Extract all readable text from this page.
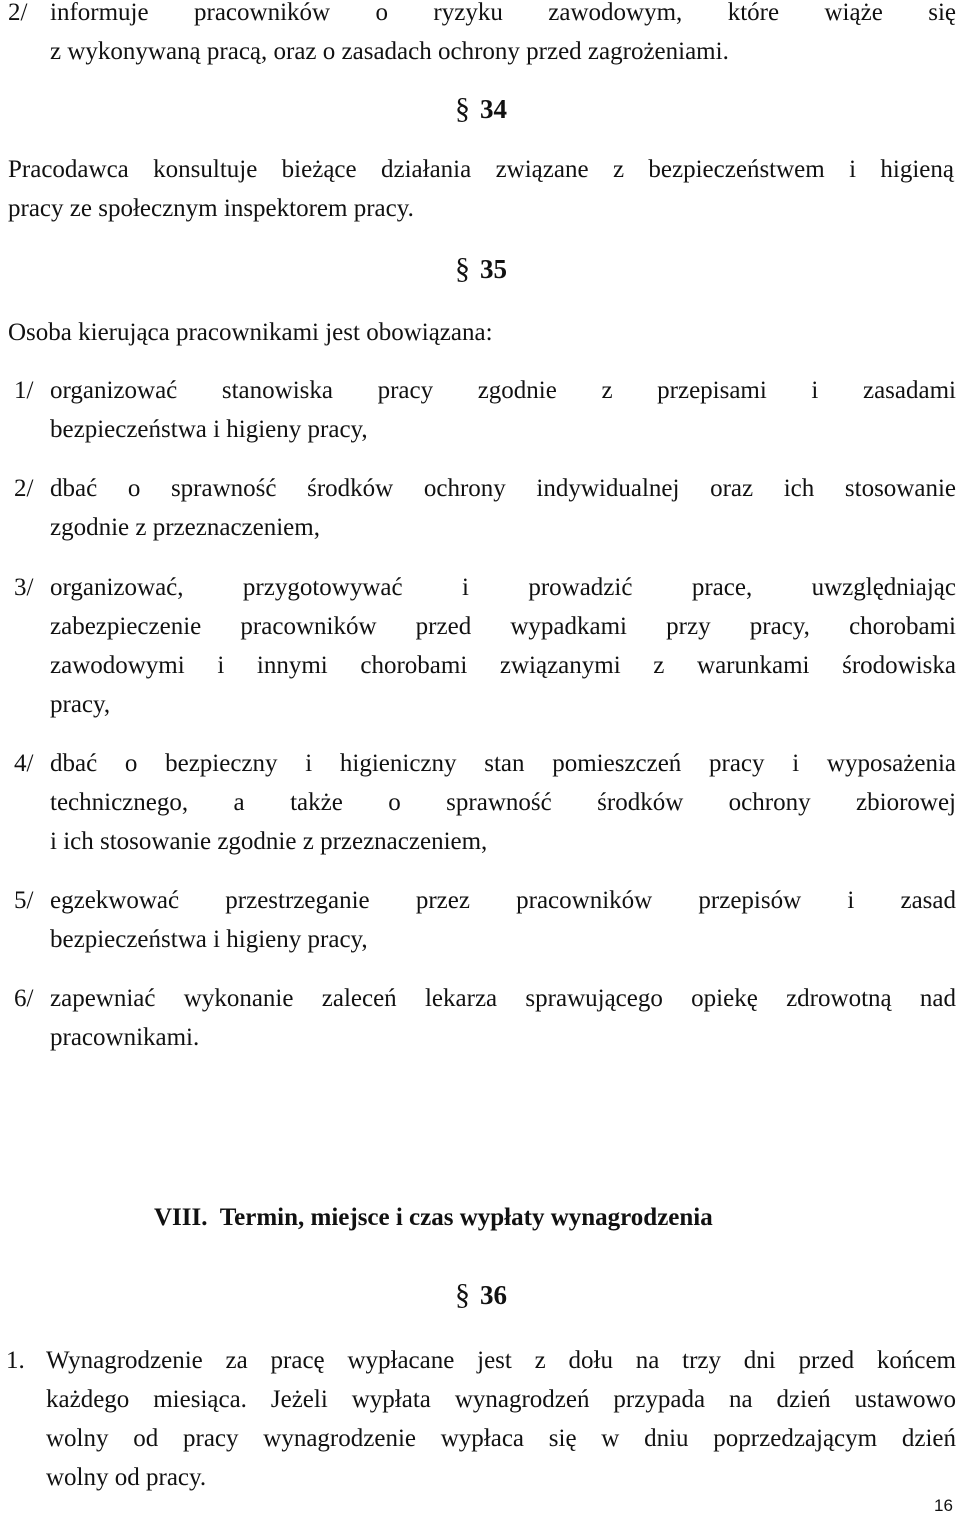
2/ informuje pracowników o ryzyku zawodowym, które wiąże się
z wykonywaną pracą, oraz o zasadach ochrony przed zagrożeniami.
§ 34
Pracodawca konsultuje bieżące działania związane z bezpieczeństwem i higieną
pracy ze społecznym inspektorem pracy.
§ 35
Osoba kierująca pracownikami jest obowiązana:
1/ organizować stanowiska pracy zgodnie z przepisami i zasadami
bezpieczeństwa i higieny pracy,
2/ dbać o sprawność środków ochrony indywidualnej oraz ich stosowanie
zgodnie z przeznaczeniem,
3/ organizować, przygotowywać i prowadzić prace, uwzględniając
zabezpieczenie pracowników przed wypadkami przy pracy, chorobami
zawodowymi i innymi chorobami związanymi z warunkami środowiska
pracy,
4/ dbać o bezpieczny i higieniczny stan pomieszczeń pracy i wyposażenia
technicznego, a także o sprawność środków ochrony zbiorowej
i ich stosowanie zgodnie z przeznaczeniem,
5/ egzekwować przestrzeganie przez pracowników przepisów i zasad
bezpieczeństwa i higieny pracy,
6/ zapewniać wykonanie zaleceń lekarza sprawującego opiekę zdrowotną nad
pracownikami.
VIII. Termin, miejsce i czas wypłaty wynagrodzenia
§ 36
1. Wynagrodzenie za pracę wypłacane jest z dołu na trzy dni przed końcem
każdego miesiąca. Jeżeli wypłata wynagrodzeń przypada na dzień ustawowo
wolny od pracy wynagrodzenie wypłaca się w dniu poprzedzającym dzień
wolny od pracy.
16
